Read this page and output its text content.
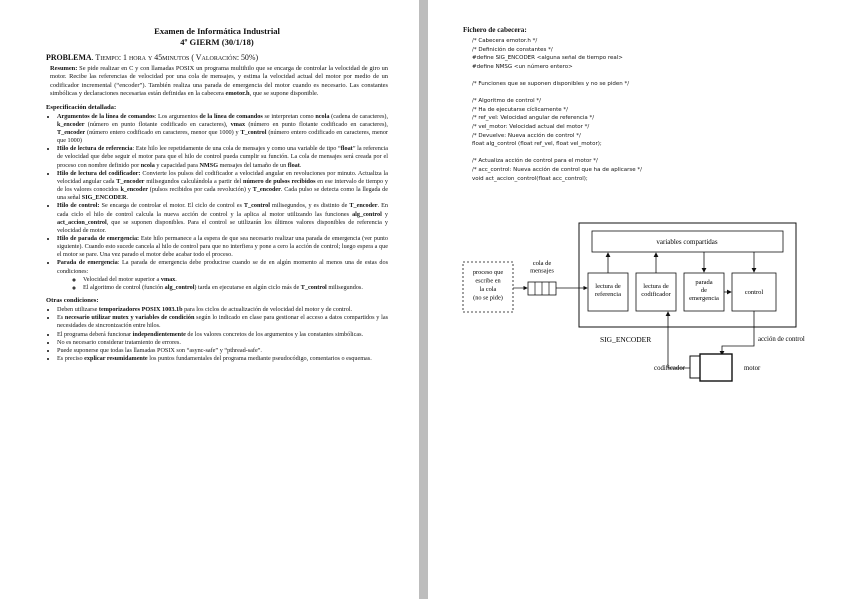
Examen de Informática Industrial
4º GIERM (30/1/18)
PROBLEMA. Tiempo: 1 hora y 45minutos ( Valoración: 50%)
Resumen: Se pide realizar en C y con llamadas POSIX un programa multihilo que se encarga de controlar la velocidad de giro un motor. Recibe las referencias de velocidad por una cola de mensajes, y estima la velocidad actual del motor por medio de un codificador incremental (“encoder”). También realiza una parada de emergencia del motor cuando es necesario. Las constantes simbólicas y declaraciones necesarias están definidas en la cabecera emotor.h, que se supone disponible.
Especificación detallada:
• Argumentos de la línea de comandos: Los argumentos de la línea de comandos se interpretan como ncola (cadena de caracteres), k_encoder (número en punto flotante codificado en caracteres), vmax (número en punto flotante codificado en caracteres), T_encoder (número entero codificado en caracteres, menor que 1000) y T_control (número entero codificado en caracteres, menor que 1000)
• Hilo de lectura de referencia: Este hilo lee repetidamente de una cola de mensajes y como una variable de tipo “float” la referencia de velocidad que debe seguir el motor para que el hilo de control pueda cumplir su función. La cola de mensajes será creada por el proceso con nombre definido por ncola y capacidad para NMSG mensajes del tamaño de un float.
• Hilo de lectura del codificador: Convierte los pulsos del codificador a velocidad angular en revoluciones por minuto. Actualiza la velocidad angular cada T_encoder milisegundos calculándola a partir del número de pulsos recibidos en ese intervalo de tiempo y de los valores conocidos k_encoder (pulsos recibidos por cada revolución) y T_encoder. Cada pulso se detecta como la llegada de una señal SIG_ENCODER.
• Hilo de control: Se encarga de controlar el motor. El ciclo de control es T_control milisegundos, y es distinto de T_encoder. En cada ciclo el hilo de control calcula la nueva acción de control y la aplica al motor utilizando las funciones alg_control y act_accion_control, que se suponen disponibles. Para el control se utilizarán los últimos valores disponibles de referencia y velocidad de motor.
• Hilo de parada de emergencia: Este hilo permanece a la espera de que sea necesario realizar una parada de emergencia (ver punto siguiente). Cuando esto sucede cancela al hilo de control para que no interfiera y pone a cero la acción de control; luego espera a que el motor se pare. Una vez parado el motor debe acabar todo el proceso.
• Parada de emergencia: La parada de emergencia debe producirse cuando se de en algún momento al menos una de estas dos condiciones:
◦ Velocidad del motor superior a vmax.
◦ El algoritmo de control (función alg_control) tarda en ejecutarse en algún ciclo más de T_control milisegundos.
Otras condiciones:
• Deben utilizarse temporizadores POSIX 1003.1b para los ciclos de actualización de velocidad del motor y de control.
• Es necesario utilizar mutex y variables de condición según lo indicado en clase para gestionar el acceso a datos compartidos y las necesidades de sincronización entre hilos.
• El programa deberá funcionar independientemente de los valores concretos de los argumentos y las constantes simbólicas.
• No es necesario considerar tratamiento de errores.
• Puede suponerse que todas las llamadas POSIX son “async-safe” y “pthread-safe”.
• Es preciso explicar resumidamente los puntos fundamentales del programa mediante pseudocódigo, comentarios o esquemas.
Fichero de cabecera:
/* Cabecera emotor.h */
/* Definición de constantes */
#define SIG_ENCODER <alguna señal de tiempo real>
#define NMSG <un número entero>
/* Funciones que se suponen disponibles y no se piden */
/* Algoritmo de control */
/* Ha de ejecutarse cíclicamente */
/* ref_vel: Velocidad angular de referencia */
/* vel_motor: Velocidad actual del motor */
/* Devuelve: Nueva acción de control */
float alg_control (float ref_vel, float vel_motor);
/* Actualiza acción de control para el motor */
/* acc_control: Nueva acción de control que ha de aplicarse */
void act_accion_control(float acc_control);
variables compartidas
lectura de referencia
lectura de codificador
parada de emergencia
control
proceso que escribe en la cola (no se pide)
cola de mensajes
SIG_ENCODER	acción de control
codificador	motor
